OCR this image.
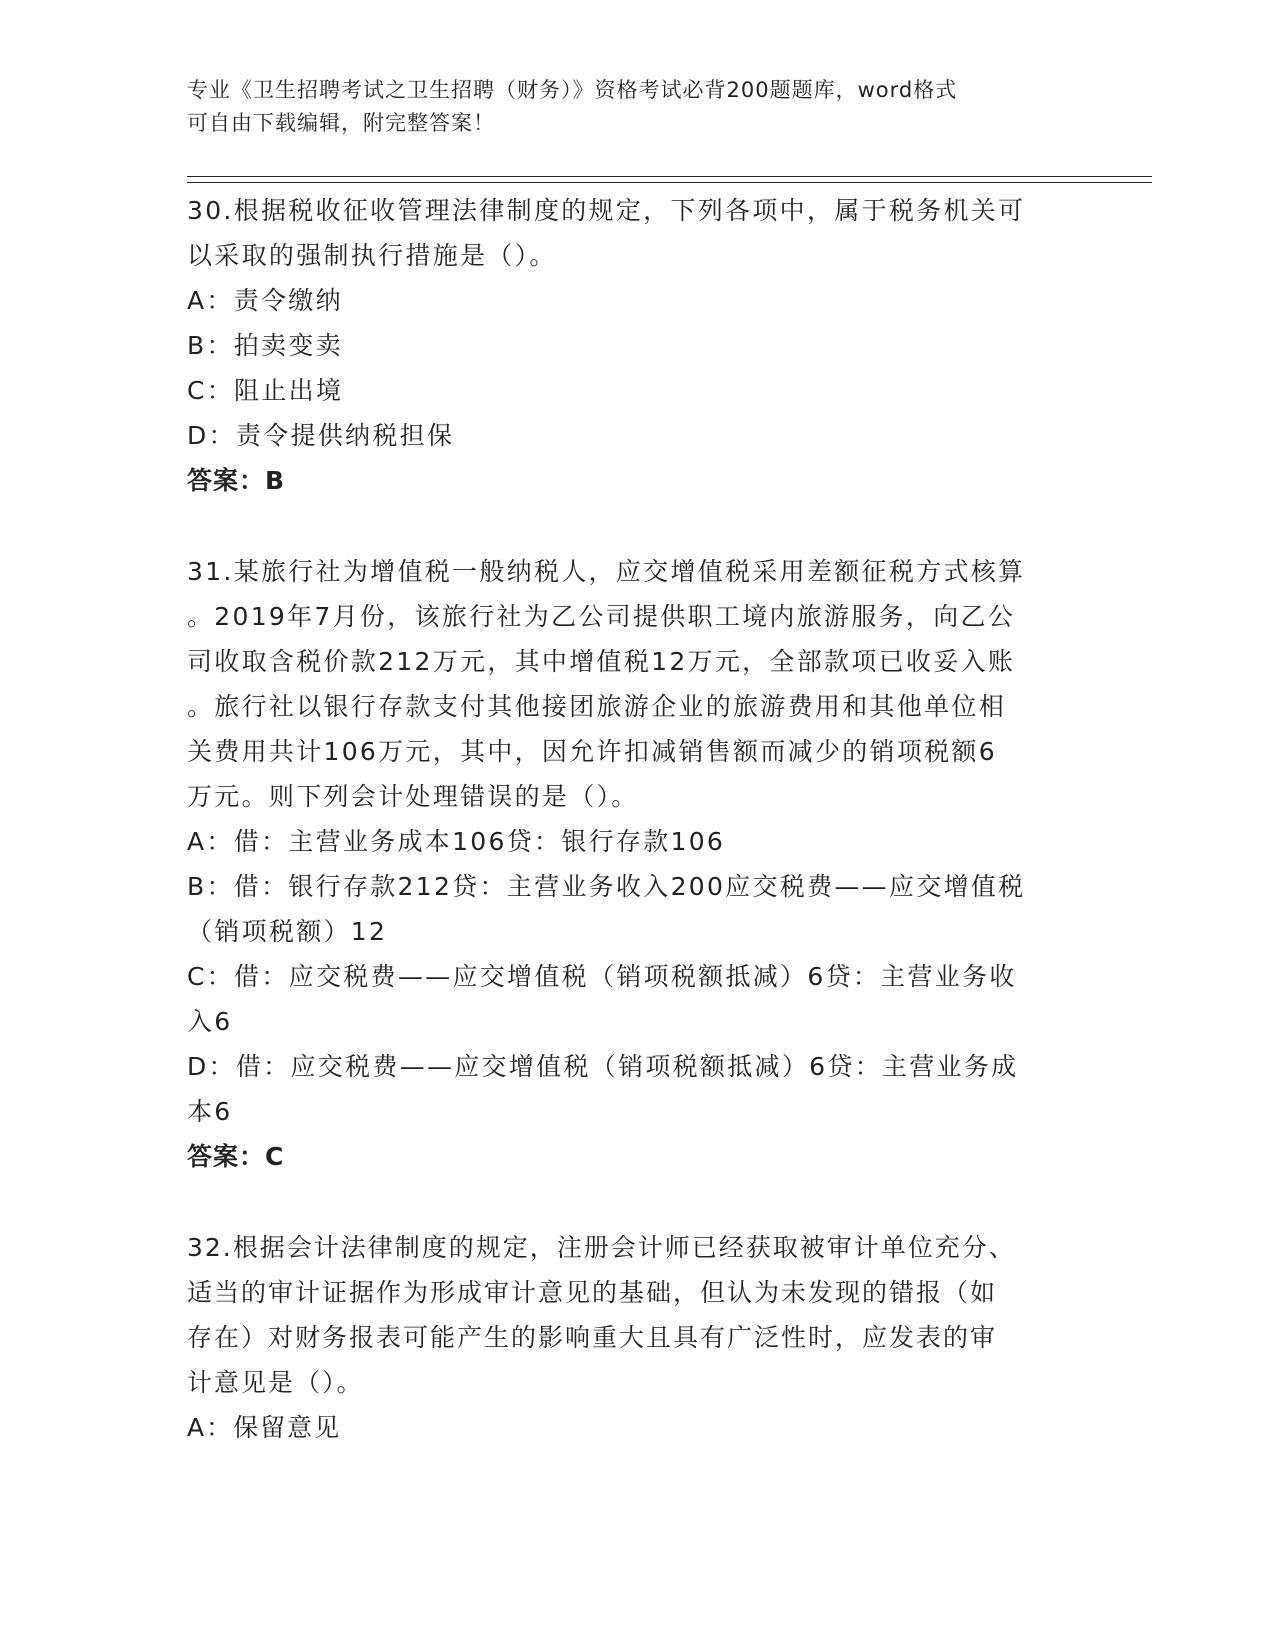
专业《卫生招聘考试之卫生招聘（财务）》资格考试必背200题题库，word格式
可自由下载编辑，附完整答案！
30.根据税收征收管理法律制度的规定，下列各项中，属于税务机关可
以采取的强制执行措施是（）。
A：责令缴纳
B：拍卖变卖
C：阻止出境
D：责令提供纳税担保
答案：B
31.某旅行社为增值税一般纳税人，应交增值税采用差额征税方式核算
。2019年7月份，该旅行社为乙公司提供职工境内旅游服务，向乙公
司收取含税价款212万元，其中增值税12万元，全部款项已收妥入账
。旅行社以银行存款支付其他接团旅游企业的旅游费用和其他单位相
关费用共计106万元，其中，因允许扣减销售额而减少的销项税额6
万元。则下列会计处理错误的是（）。
A：借：主营业务成本106贷：银行存款106
B：借：银行存款212贷：主营业务收入200应交税费——应交增值税
（销项税额）12
C：借：应交税费——应交增值税（销项税额抵减）6贷：主营业务收
入6
D：借：应交税费——应交增值税（销项税额抵减）6贷：主营业务成
本6
答案：C
32.根据会计法律制度的规定，注册会计师已经获取被审计单位充分、
适当的审计证据作为形成审计意见的基础，但认为未发现的错报（如
存在）对财务报表可能产生的影响重大且具有广泛性时，应发表的审
计意见是（）。
A：保留意见
